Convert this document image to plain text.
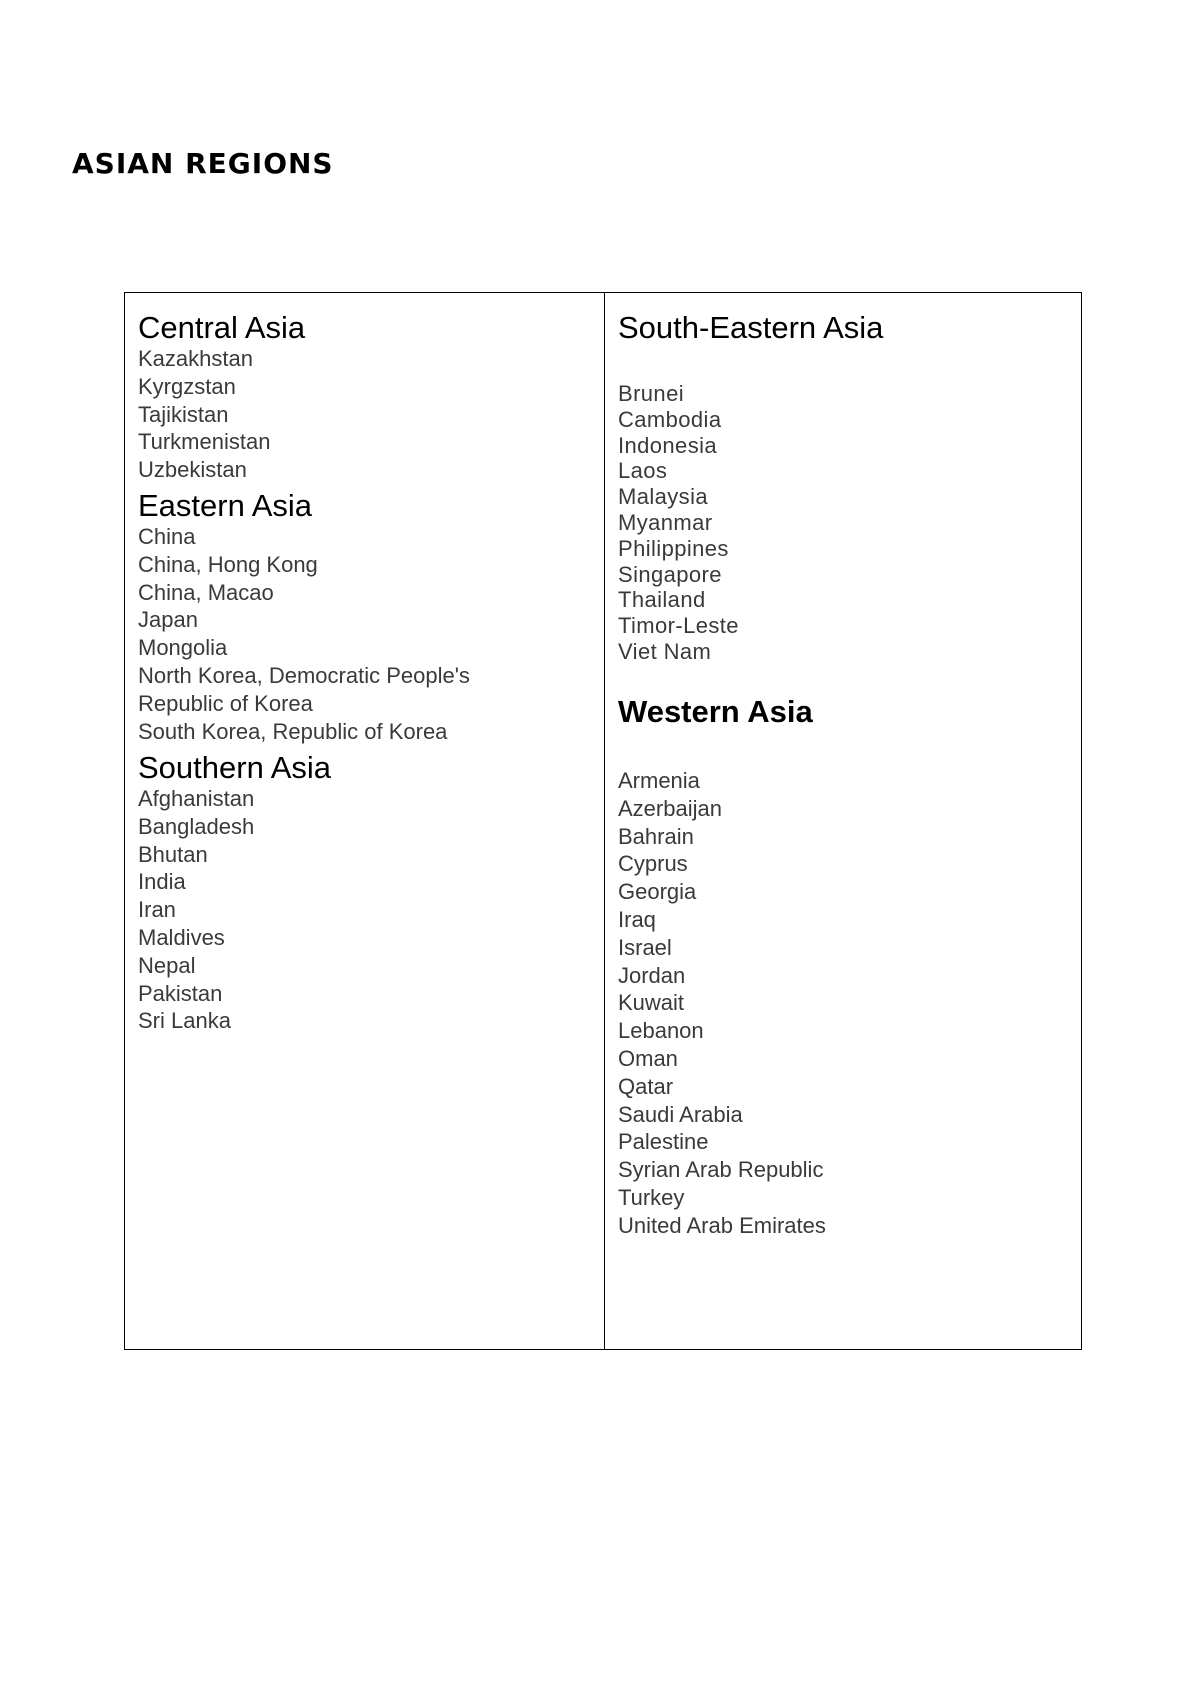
ASIAN REGIONS
Central Asia
Kazakhstan
Kyrgzstan
Tajikistan
Turkmenistan
Uzbekistan
Eastern Asia
China
China, Hong Kong
China, Macao
Japan
Mongolia
North Korea, Democratic People's
Republic of Korea
South Korea, Republic of Korea
Southern Asia
Afghanistan
Bangladesh
Bhutan
India
Iran
Maldives
Nepal
Pakistan
Sri Lanka
South-Eastern Asia
Brunei
Cambodia
Indonesia
Laos
Malaysia
Myanmar
Philippines
Singapore
Thailand
Timor-Leste
Viet Nam
Western Asia
Armenia
Azerbaijan
Bahrain
Cyprus
Georgia
Iraq
Israel
Jordan
Kuwait
Lebanon
Oman
Qatar
Saudi Arabia
Palestine
Syrian Arab Republic
Turkey
United Arab Emirates
